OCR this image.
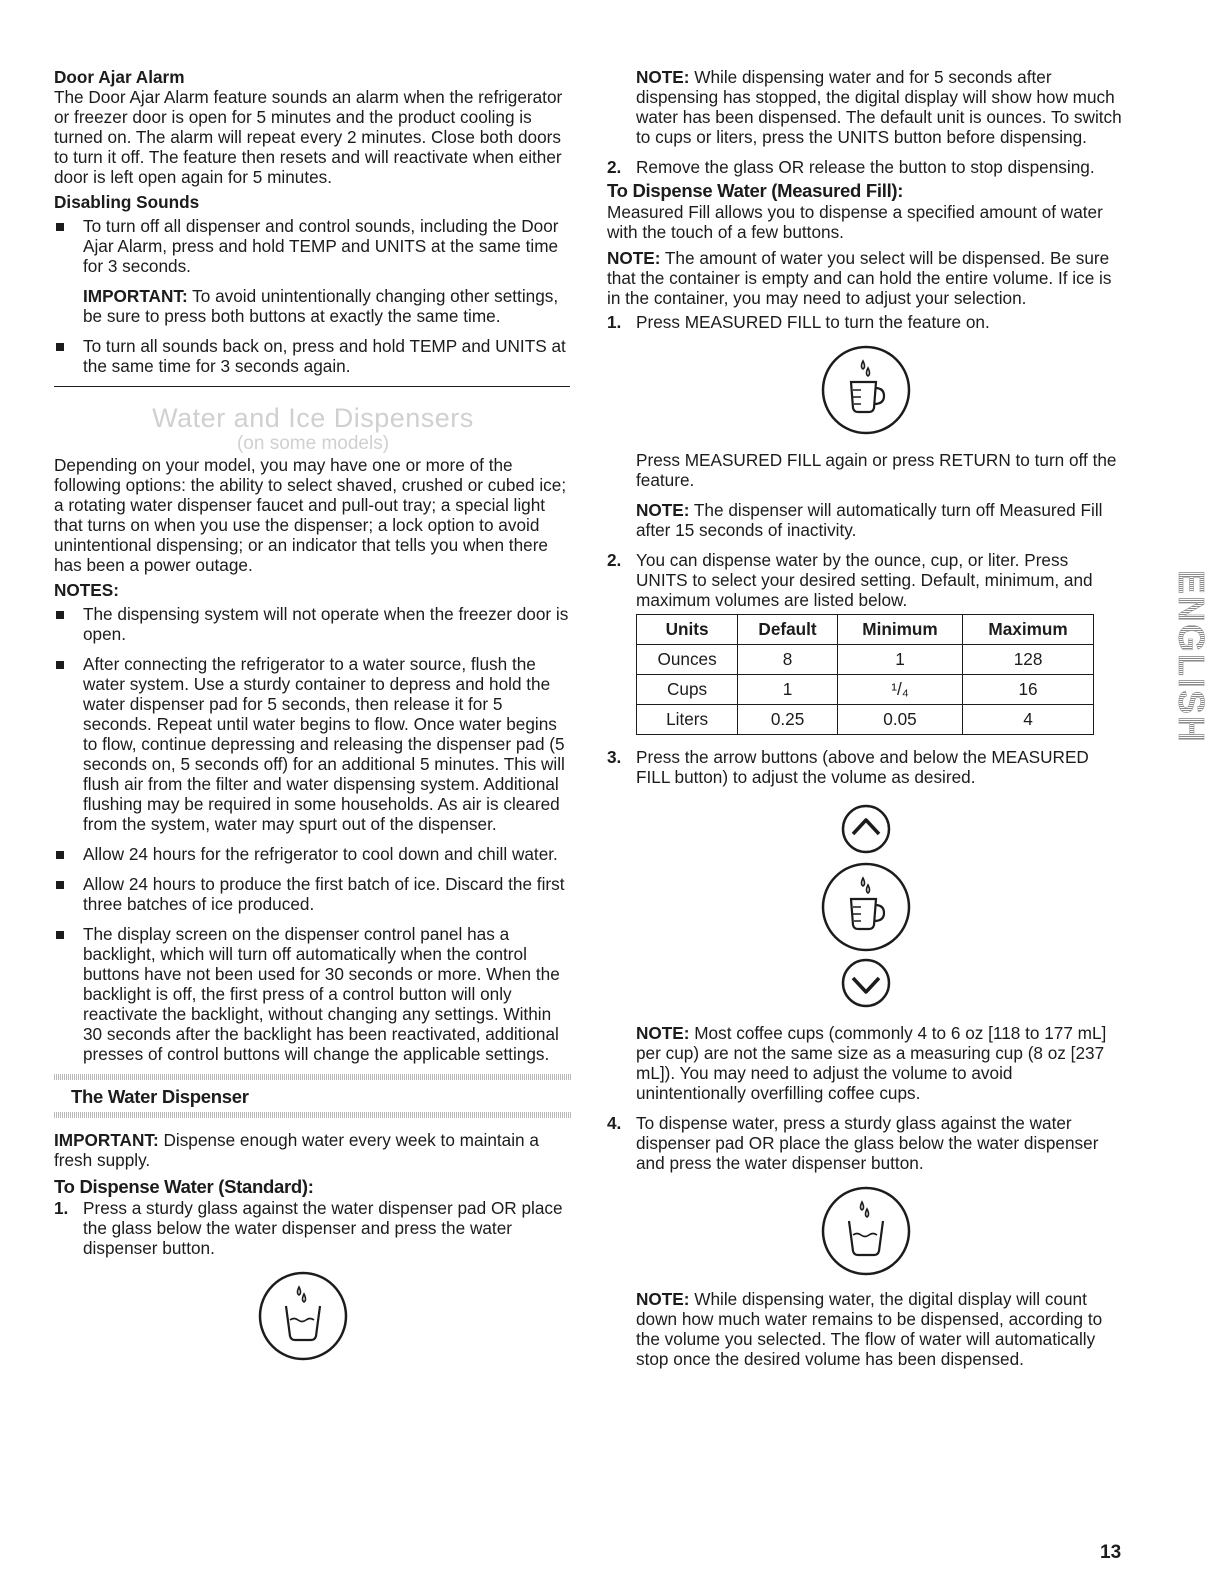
Door Ajar Alarm

The Door Ajar Alarm feature sounds an alarm when the refrigerator or freezer door is open for 5 minutes and the product cooling is turned on. The alarm will repeat every 2 minutes. Close both doors to turn it off. The feature then resets and will reactivate when either door is left open again for 5 minutes.

Disabling Sounds

To turn off all dispenser and control sounds, including the Door Ajar Alarm, press and hold TEMP and UNITS at the same time for 3 seconds.

IMPORTANT: To avoid unintentionally changing other settings, be sure to press both buttons at exactly the same time.

To turn all sounds back on, press and hold TEMP and UNITS at the same time for 3 seconds again.
Water and Ice Dispensers
(on some models)

Depending on your model, you may have one or more of the following options: the ability to select shaved, crushed or cubed ice; a rotating water dispenser faucet and pull-out tray; a special light that turns on when you use the dispenser; a lock option to avoid unintentional dispensing; or an indicator that tells you when there has been a power outage.

NOTES:
The dispensing system will not operate when the freezer door is open.
After connecting the refrigerator to a water source, flush the water system. Use a sturdy container to depress and hold the water dispenser pad for 5 seconds, then release it for 5 seconds. Repeat until water begins to flow. Once water begins to flow, continue depressing and releasing the dispenser pad (5 seconds on, 5 seconds off) for an additional 5 minutes. This will flush air from the filter and water dispensing system. Additional flushing may be required in some households. As air is cleared from the system, water may spurt out of the dispenser.
Allow 24 hours for the refrigerator to cool down and chill water.
Allow 24 hours to produce the first batch of ice. Discard the first three batches of ice produced.
The display screen on the dispenser control panel has a backlight, which will turn off automatically when the control buttons have not been used for 30 seconds or more. When the backlight is off, the first press of a control button will only reactivate the backlight, without changing any settings. Within 30 seconds after the backlight has been reactivated, additional presses of control buttons will change the applicable settings.
The Water Dispenser

IMPORTANT: Dispense enough water every week to maintain a fresh supply.

To Dispense Water (Standard):
1. Press a sturdy glass against the water dispenser pad OR place the glass below the water dispenser and press the water dispenser button.

NOTE: While dispensing water and for 5 seconds after dispensing has stopped, the digital display will show how much water has been dispensed. The default unit is ounces. To switch to cups or liters, press the UNITS button before dispensing.

2. Remove the glass OR release the button to stop dispensing.
To Dispense Water (Measured Fill):

Measured Fill allows you to dispense a specified amount of water with the touch of a few buttons.

NOTE: The amount of water you select will be dispensed. Be sure that the container is empty and can hold the entire volume. If ice is in the container, you may need to adjust your selection.

1. Press MEASURED FILL to turn the feature on.

Press MEASURED FILL again or press RETURN to turn off the feature.

NOTE: The dispenser will automatically turn off Measured Fill after 15 seconds of inactivity.

2. You can dispense water by the ounce, cup, or liter. Press UNITS to select your desired setting. Default, minimum, and maximum volumes are listed below.

Units	Default	Minimum	Maximum
Ounces	8	1	128
Cups	1	¹/₄	16
Liters	0.25	0.05	4
3. Press the arrow buttons (above and below the MEASURED FILL button) to adjust the volume as desired.

NOTE: Most coffee cups (commonly 4 to 6 oz [118 to 177 mL] per cup) are not the same size as a measuring cup (8 oz [237 mL]). You may need to adjust the volume to avoid unintentionally overfilling coffee cups.

4. To dispense water, press a sturdy glass against the water dispenser pad OR place the glass below the water dispenser and press the water dispenser button.

NOTE: While dispensing water, the digital display will count down how much water remains to be dispensed, according to the volume you selected. The flow of water will automatically stop once the desired volume has been dispensed.

ENGLISH
13
